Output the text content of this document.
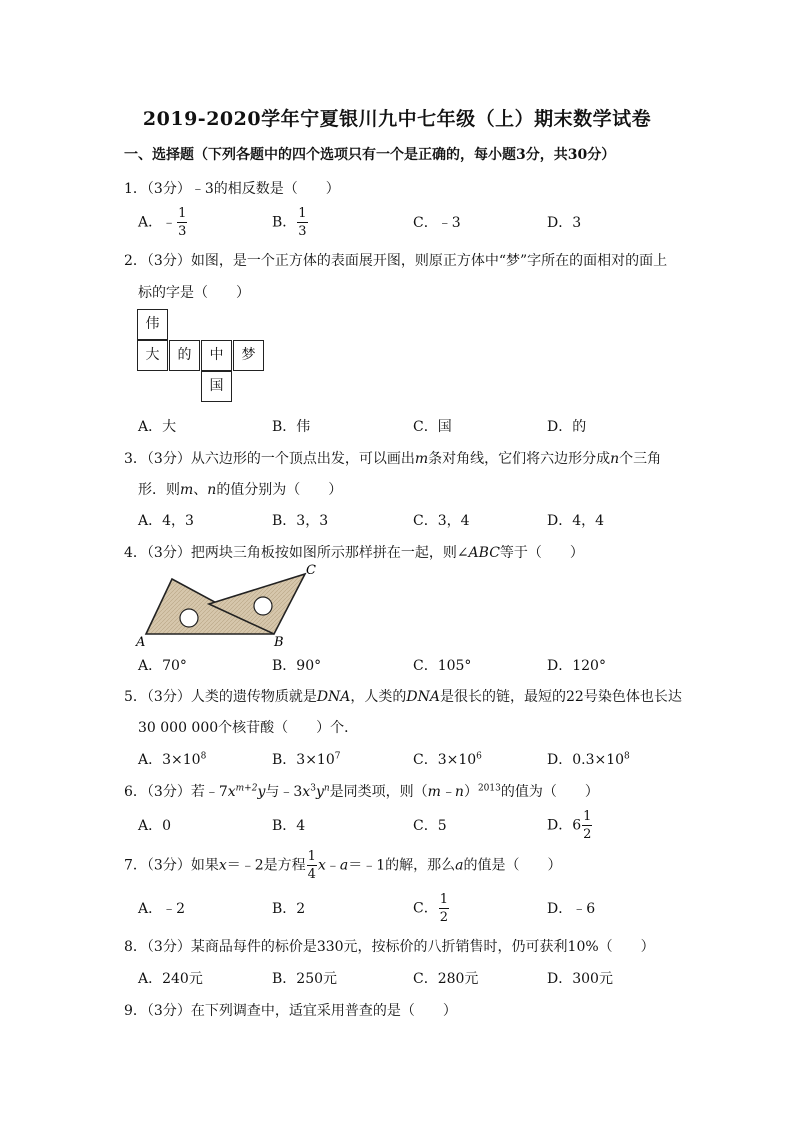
2019-2020学年宁夏银川九中七年级（上）期末数学试卷
一、选择题（下列各题中的四个选项只有一个是正确的，每小题3分，共30分）
1．（3分）﹣3的相反数是（　　）
A．﹣ $\frac{1}{3}$	B． $\frac{1}{3}$	C．﹣3	D．3
2．（3分）如图，是一个正方体的表面展开图，则原正方体中“梦”字所在的面相对的面上
标的字是（　　）
伟
大	的	中	梦
国
A．大	B．伟	C．国	D．的
3．（3分）从六边形的一个顶点出发，可以画出m条对角线，它们将六边形分成n个三角
形．则m、n的值分别为（　　）
A．4，3	B．3，3	C．3，4	D．4，4
4．（3分）把两块三角板按如图所示那样拼在一起，则∠ABC等于（　　）
A	B
C
A．70°	B．90°	C．105°	D．120°
5．（3分）人类的遗传物质就是DNA，人类的DNA是很长的链，最短的22号染色体也长达
30 000 000个核苷酸（　　）个．
A．$3\times 10^8$	B．$3\times 10^7$	C．$3\times 10^6$	D．$0.3\times 10^8$
6．（3分）若$﹣7x^{m+2}y$与$﹣3x^3y^n$是同类项，则（m﹣n）$^{2013}$的值为（　　）
A．0	B．4	C．5	D．$6 \frac{1}{2}$
7．（3分）如果x＝﹣2是方程 $\frac{1}{4}$ x﹣a＝﹣1的解，那么a的值是（　　）
A．﹣2	B．2	C． $\frac{1}{2}$	D．﹣6
8．（3分）某商品每件的标价是330元，按标价的八折销售时，仍可获利10%（　　）
A．240元	B．250元	C．280元	D．300元
9．（3分）在下列调查中，适宜采用普查的是（　　）
